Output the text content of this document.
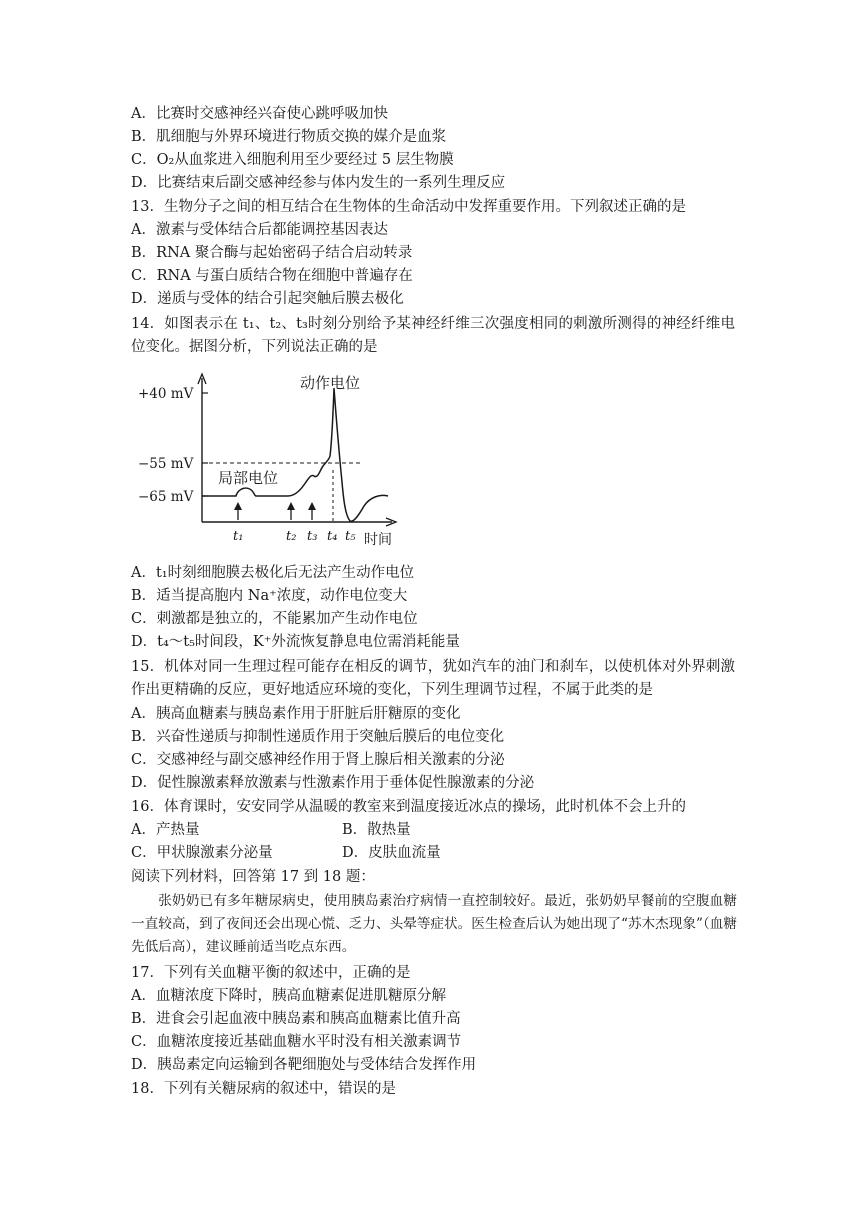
A．比赛时交感神经兴奋使心跳呼吸加快

B．肌细胞与外界环境进行物质交换的媒介是血浆

C．O₂从血浆进入细胞利用至少要经过 5 层生物膜

D．比赛结束后副交感神经参与体内发生的一系列生理反应

13．生物分子之间的相互结合在生物体的生命活动中发挥重要作用。下列叙述正确的是

A．激素与受体结合后都能调控基因表达

B．RNA 聚合酶与起始密码子结合启动转录

C．RNA 与蛋白质结合物在细胞中普遍存在

D．递质与受体的结合引起突触后膜去极化

14．如图表示在 t₁、t₂、t₃时刻分别给予某神经纤维三次强度相同的刺激所测得的神经纤维电位变化。据图分析，下列说法正确的是

+40 mV
−55 mV
−65 mV
动作电位
局部电位
t₁	t₂ t₃ t₄ t₅ 时间

A．t₁时刻细胞膜去极化后无法产生动作电位

B．适当提高胞内 Na⁺浓度，动作电位变大

C．刺激都是独立的，不能累加产生动作电位

D．t₄～t₅时间段，K⁺外流恢复静息电位需消耗能量

15．机体对同一生理过程可能存在相反的调节，犹如汽车的油门和刹车，以使机体对外界刺激作出更精确的反应，更好地适应环境的变化，下列生理调节过程，不属于此类的是

A．胰高血糖素与胰岛素作用于肝脏后肝糖原的变化

B．兴奋性递质与抑制性递质作用于突触后膜后的电位变化

C．交感神经与副交感神经作用于肾上腺后相关激素的分泌

D．促性腺激素释放激素与性激素作用于垂体促性腺激素的分泌

16．体育课时，安安同学从温暖的教室来到温度接近冰点的操场，此时机体不会上升的

A．产热量	B．散热量
C．甲状腺激素分泌量	D．皮肤血流量

阅读下列材料，回答第 17 到 18 题：

张奶奶已有多年糖尿病史，使用胰岛素治疗病情一直控制较好。最近，张奶奶早餐前的空腹血糖一直较高，到了夜间还会出现心慌、乏力、头晕等症状。医生检查后认为她出现了“苏木杰现象”（血糖先低后高），建议睡前适当吃点东西。

17．下列有关血糖平衡的叙述中，正确的是

A．血糖浓度下降时，胰高血糖素促进肌糖原分解

B．进食会引起血液中胰岛素和胰高血糖素比值升高

C．血糖浓度接近基础血糖水平时没有相关激素调节

D．胰岛素定向运输到各靶细胞处与受体结合发挥作用

18．下列有关糖尿病的叙述中，错误的是
